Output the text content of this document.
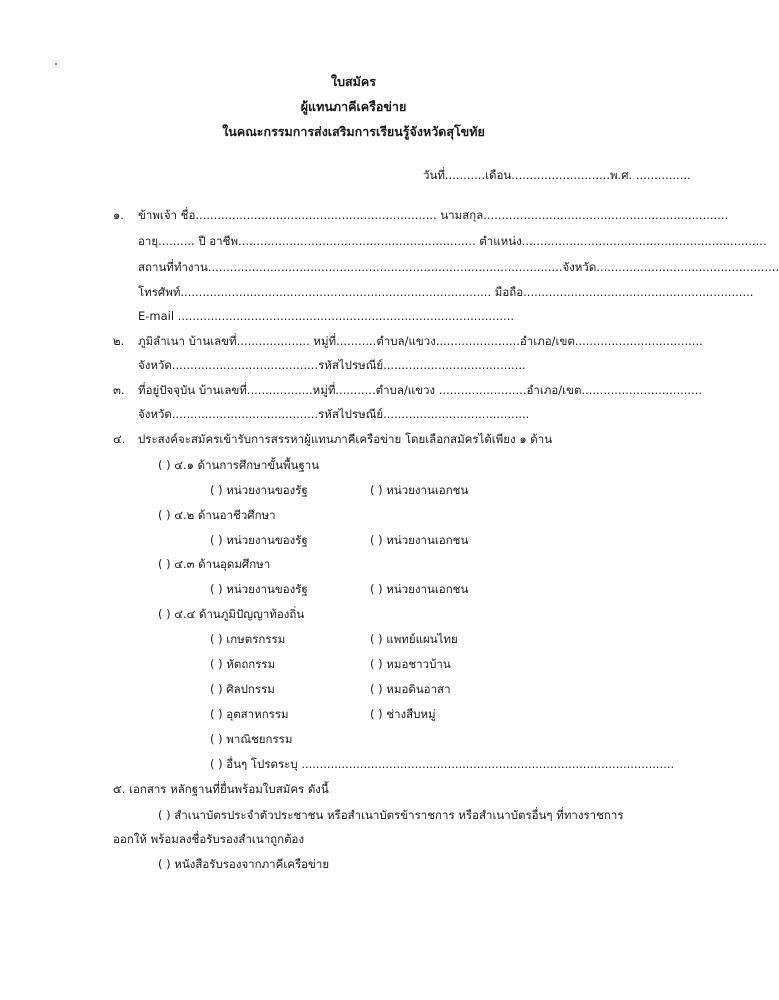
ใบสมัคร
ผู้แทนภาคีเครือข่าย
ในคณะกรรมการส่งเสริมการเรียนรู้จังหวัดสุโขทัย
วันที่...........เดือน...........................พ.ศ. ...............
๑. ข้าพเจ้า ชื่อ.................................................................. นามสกุล...................................................................
อายุ.......... ปี อาชีพ................................................................. ตำแหน่ง...................................................................
สถานที่ทำงาน.................................................................................................จังหวัด..................................................
โทรศัพท์..................................................................................... มือถือ...............................................................
E-mail ............................................................................................
๒. ภูมิลำเนา บ้านเลขที่.................... หมู่ที่...........ตำบล/แขวง.......................อำเภอ/เขต...................................
จังหวัด........................................รหัสไปรษณีย์.......................................
๓. ที่อยู่ปัจจุบัน บ้านเลขที่..................หมู่ที่...........ตำบล/แขวง ........................อำเภอ/เขต.................................
จังหวัด........................................รหัสไปรษณีย์........................................
๔. ประสงค์จะสมัครเข้ารับการสรรหาผู้แทนภาคีเครือข่าย โดยเลือกสมัครได้เพียง ๑ ด้าน
( ) ๔.๑ ด้านการศึกษาขั้นพื้นฐาน
( ) หน่วยงานของรัฐ	( ) หน่วยงานเอกชน
( ) ๔.๒ ด้านอาชีวศึกษา
( ) หน่วยงานของรัฐ	( ) หน่วยงานเอกชน
( ) ๔.๓ ด้านอุดมศึกษา
( ) หน่วยงานของรัฐ	( ) หน่วยงานเอกชน
( ) ๔.๔ ด้านภูมิปัญญาท้องถิ่น
( ) เกษตรกรรม	( ) แพทย์แผนไทย
( ) หัตถกรรม	( ) หมอชาวบ้าน
( ) ศิลปกรรม	( ) หมอดินอาสา
( ) อุตสาหกรรม	( ) ช่างสืบหมู่
( ) พาณิชยกรรม
( ) อื่นๆ โปรดระบุ ......................................................................................................
๕. เอกสาร หลักฐานที่ยื่นพร้อมใบสมัคร ดังนี้
( ) สำเนาบัตรประจำตัวประชาชน หรือสำเนาบัตรข้าราชการ หรือสำเนาบัตรอื่นๆ ที่ทางราชการ
ออกให้ พร้อมลงชื่อรับรองสำเนาถูกต้อง
( ) หนังสือรับรองจากภาคีเครือข่าย
